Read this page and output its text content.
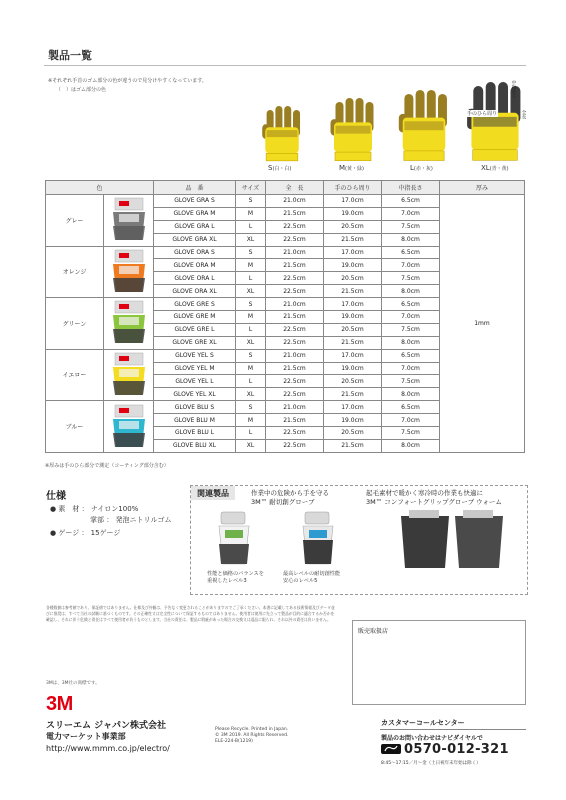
製品一覧
※それぞれ手首のゴム部分の色が違うので見分けやすくなっています。
（　）はゴム部分の色
S(白・白)	M(黄・緑)	L(赤・灰)	XL(青・黄)
手のひら周り
中指長さ
全長
色		品　番	サイズ	全　長	手のひら周り	中指長さ	厚み
グレー		GLOVE GRA S	S	21.0cm	17.0cm	6.5cm	1mm
		GLOVE GRA M	M	21.5cm	19.0cm	7.0cm	
		GLOVE GRA L	L	22.5cm	20.5cm	7.5cm	
		GLOVE GRA XL	XL	22.5cm	21.5cm	8.0cm	
オレンジ		GLOVE ORA S	S	21.0cm	17.0cm	6.5cm	
		GLOVE ORA M	M	21.5cm	19.0cm	7.0cm	
		GLOVE ORA L	L	22.5cm	20.5cm	7.5cm	
		GLOVE ORA XL	XL	22.5cm	21.5cm	8.0cm	
グリーン		GLOVE GRE S	S	21.0cm	17.0cm	6.5cm	
		GLOVE GRE M	M	21.5cm	19.0cm	7.0cm	
		GLOVE GRE L	L	22.5cm	20.5cm	7.5cm	
		GLOVE GRE XL	XL	22.5cm	21.5cm	8.0cm	
イエロー		GLOVE YEL S	S	21.0cm	17.0cm	6.5cm	
		GLOVE YEL M	M	21.5cm	19.0cm	7.0cm	
		GLOVE YEL L	L	22.5cm	20.5cm	7.5cm	
		GLOVE YEL XL	XL	22.5cm	21.5cm	8.0cm	
ブルー		GLOVE BLU S	S	21.0cm	17.0cm	6.5cm	
		GLOVE BLU M	M	21.5cm	19.0cm	7.0cm	
		GLOVE BLU L	L	22.5cm	20.5cm	7.5cm	
		GLOVE BLU XL	XL	22.5cm	21.5cm	8.0cm	
※厚みは手のひら部分で測定（コーティング部分含む）
仕様
● 素　材 ： ナイロン100%
掌部 ： 発泡ニトリルゴム
● ゲージ ： 15ゲージ
関連製品	作業中の危険から手を守る
3M™ 耐切創グローブ
起毛素材で暖かく寒冷時の作業も快適に
3M™ コンフォートグリップグローブ ウォーム
性能と価格のバランスを
重視したレベル3
最高レベルの耐切創性能
安心のレベル5
各種数値は参考値であり、保証値ではありません。仕様及び外観は、予告なく変更されることがありますのでご了承ください。本書に記載してある技術情報及びデータ並びに推奨は、すべて当社の試験に基づくものです。その正確性又は完全性について保証するものではありません。使用者は使用に先立って製品が目的に適合するか否かを確認し、それに伴う危険と責任はすべて使用者が負うものとします。当社の責任は、製品に瑕疵があった場合の交換又は返品に限られ、それ以外の責任は負いません。
販売取扱店
3Mは、3M社の商標です。
3M
スリーエム ジャパン株式会社
電力マーケット事業部
http://www.mmm.co.jp/electro/
Please Recycle. Printed in Japan.
© 3M 2019. All Rights Reserved.
ELE-224-B(1219)
カスタマーコールセンター
製品のお問い合わせはナビダイヤルで
0570-012-321
8:45〜17:15／月〜金（土日祝年末年始は除く）
